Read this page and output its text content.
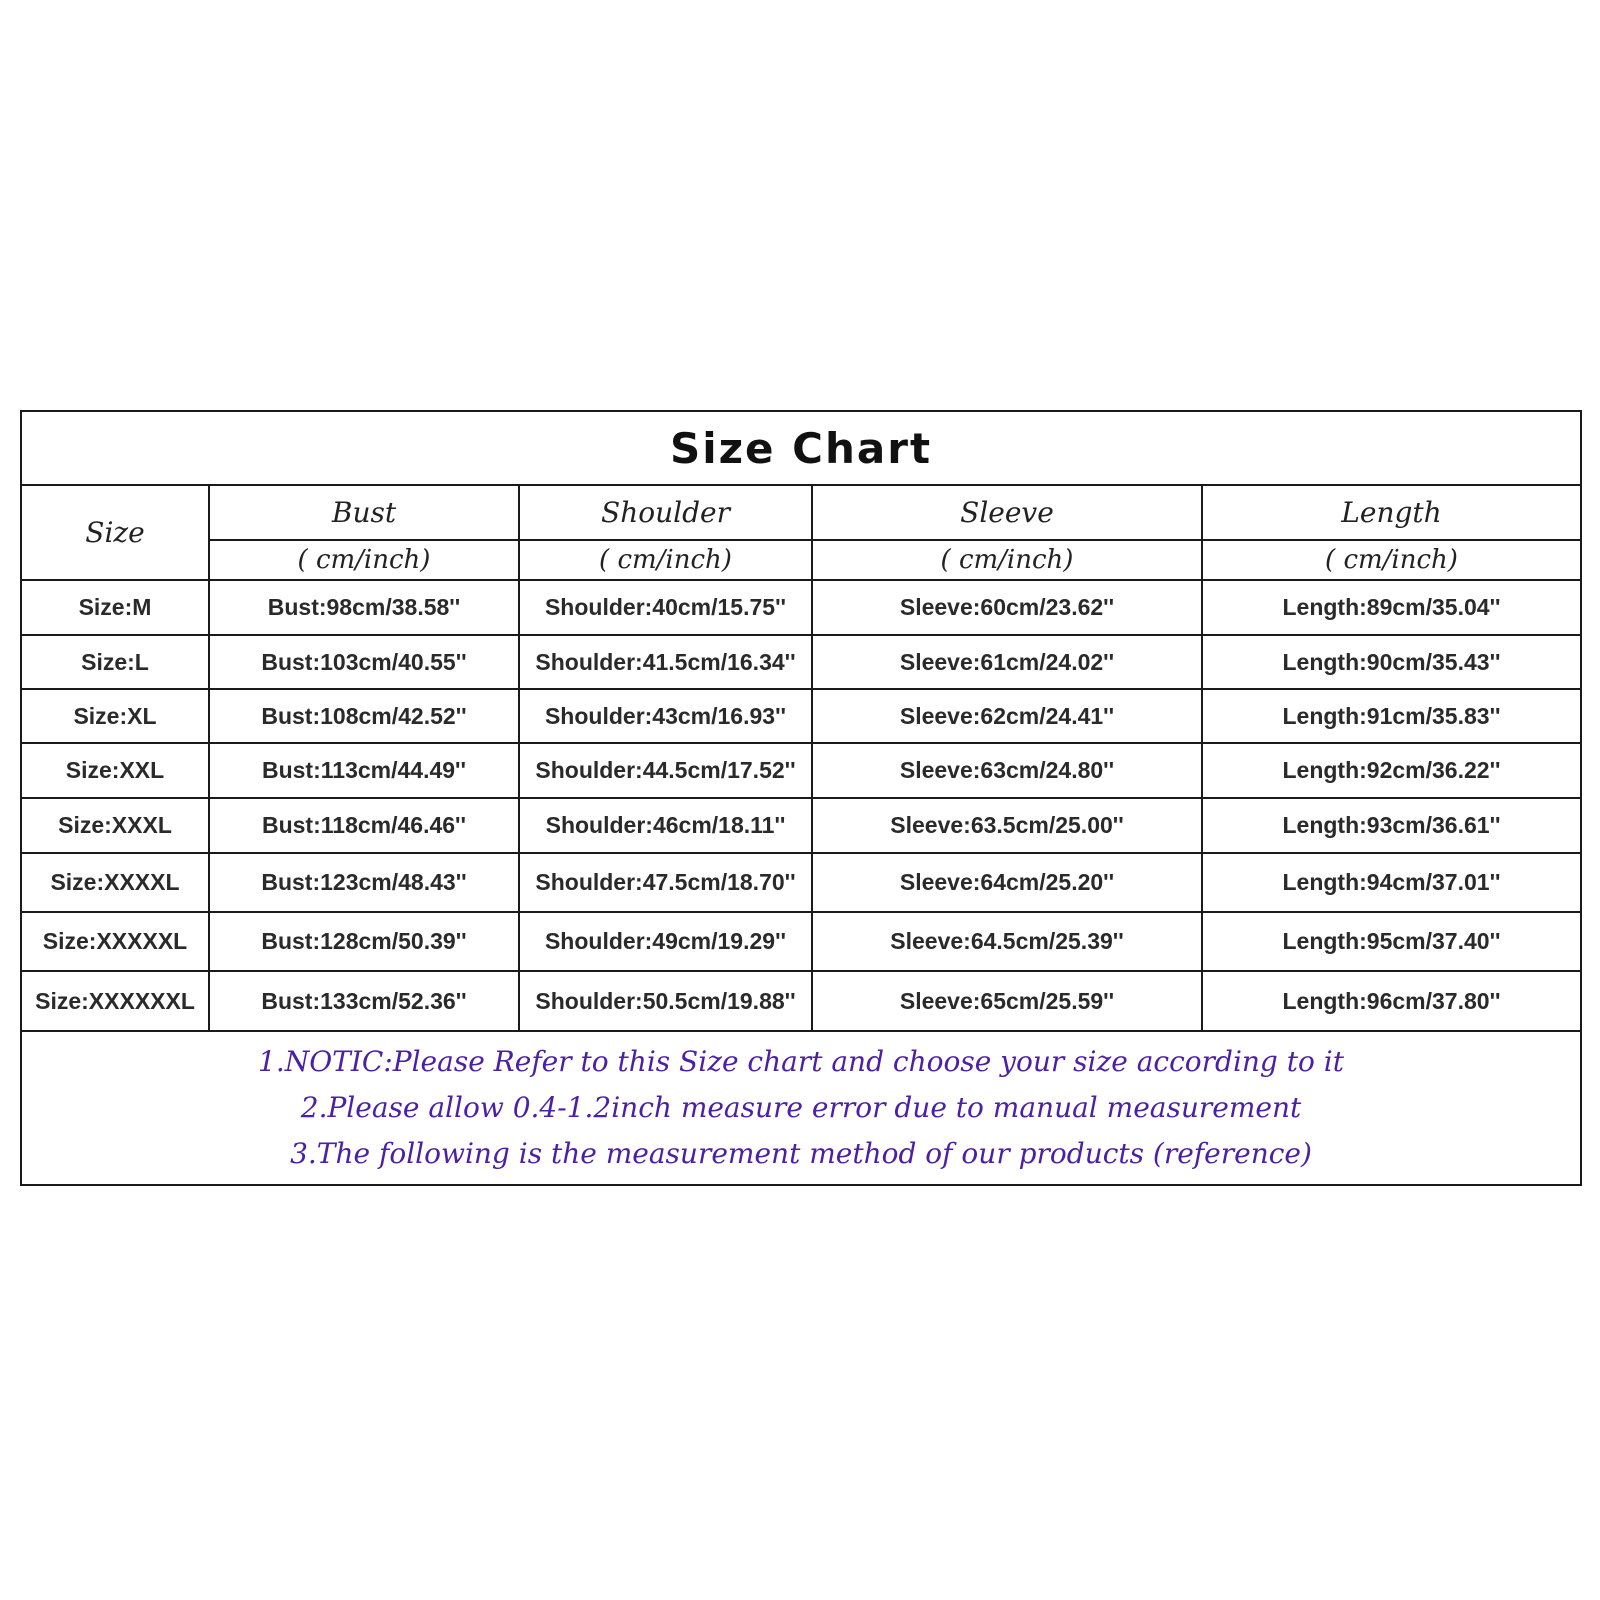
Size Chart
Size	Bust	Shoulder	Sleeve	Length
	( cm/inch)	( cm/inch)	( cm/inch)	( cm/inch)
Size:M	Bust:98cm/38.58''	Shoulder:40cm/15.75''	Sleeve:60cm/23.62''	Length:89cm/35.04''
Size:L	Bust:103cm/40.55''	Shoulder:41.5cm/16.34''	Sleeve:61cm/24.02''	Length:90cm/35.43''
Size:XL	Bust:108cm/42.52''	Shoulder:43cm/16.93''	Sleeve:62cm/24.41''	Length:91cm/35.83''
Size:XXL	Bust:113cm/44.49''	Shoulder:44.5cm/17.52''	Sleeve:63cm/24.80''	Length:92cm/36.22''
Size:XXXL	Bust:118cm/46.46''	Shoulder:46cm/18.11''	Sleeve:63.5cm/25.00''	Length:93cm/36.61''
Size:XXXXL	Bust:123cm/48.43''	Shoulder:47.5cm/18.70''	Sleeve:64cm/25.20''	Length:94cm/37.01''
Size:XXXXXL	Bust:128cm/50.39''	Shoulder:49cm/19.29''	Sleeve:64.5cm/25.39''	Length:95cm/37.40''
Size:XXXXXXL	Bust:133cm/52.36''	Shoulder:50.5cm/19.88''	Sleeve:65cm/25.59''	Length:96cm/37.80''
1.NOTIC:Please Refer to this Size chart and choose your size according to it
2.Please allow 0.4-1.2inch measure error due to manual measurement
3.The following is the measurement method of our products (reference)
